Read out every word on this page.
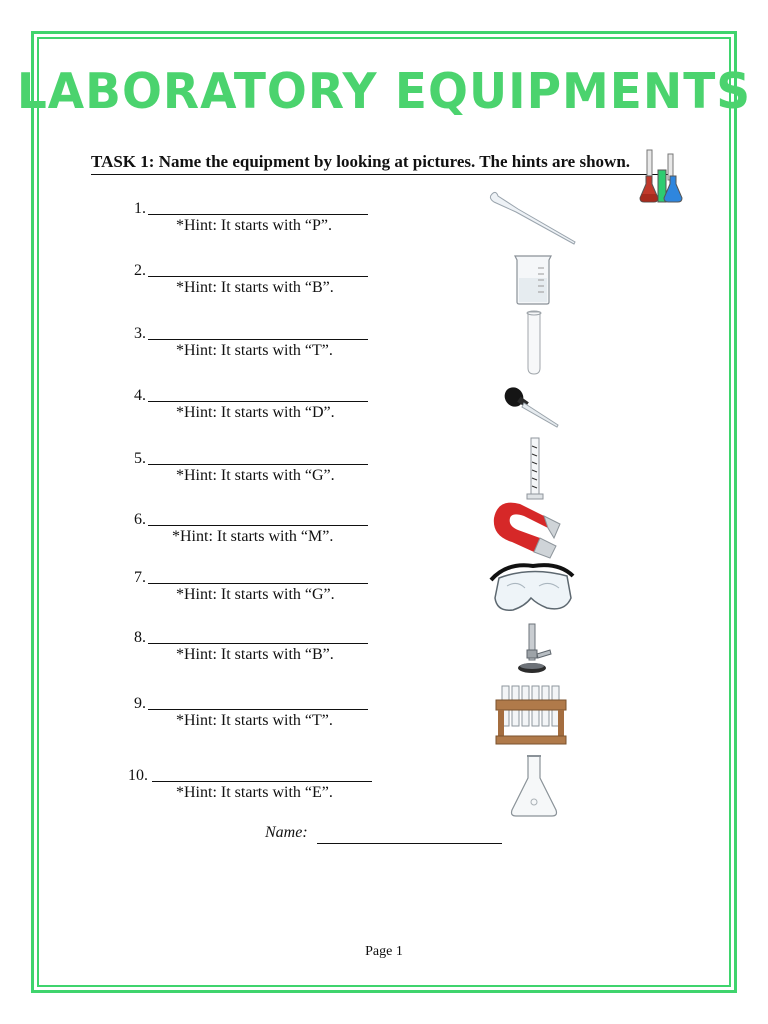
LABORATORY EQUIPMENTS
TASK 1: Name the equipment by looking at pictures. The hints are shown.
1.
*Hint: It starts with “P”.
2.
*Hint: It starts with “B”.
3.
*Hint: It starts with “T”.
4.
*Hint: It starts with “D”.
5.
*Hint: It starts with “G”.
6.
*Hint: It starts with “M”.
7.
*Hint: It starts with “G”.
8.
*Hint: It starts with “B”.
9.
*Hint: It starts with “T”.
10.
*Hint: It starts with “E”.
Name:
Page 1
